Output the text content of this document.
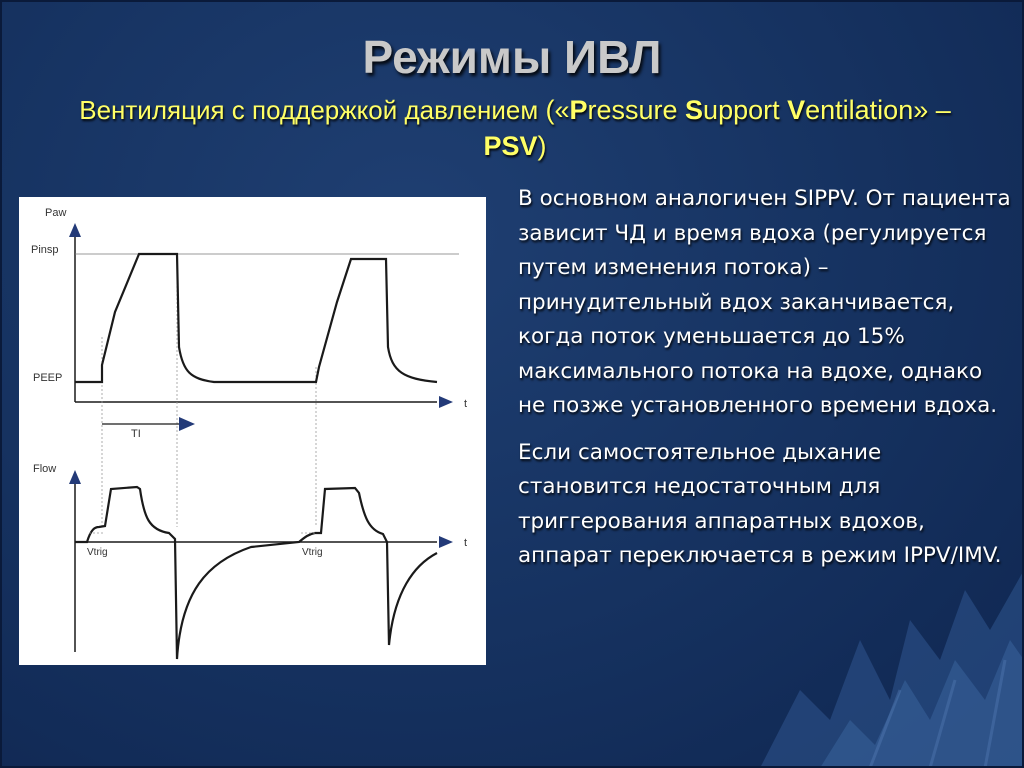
Режимы ИВЛ
Вентиляция с поддержкой давлением («Pressure Support Ventilation» –
PSV)
Paw
Pinsp
PEEP
t
TI
Flow
t
Vtrig	Vtrig

В основном аналогичен SIPPV. От пациента зависит ЧД и время вдоха (регулируется путем изменения потока) – принудительный вдох заканчивается, когда поток уменьшается до 15% максимального потока на вдохе, однако не позже установленного времени вдоха.

Если самостоятельное дыхание становится недостаточным для триггерования аппаратных вдохов, аппарат переключается в режим IPPV/IMV.
